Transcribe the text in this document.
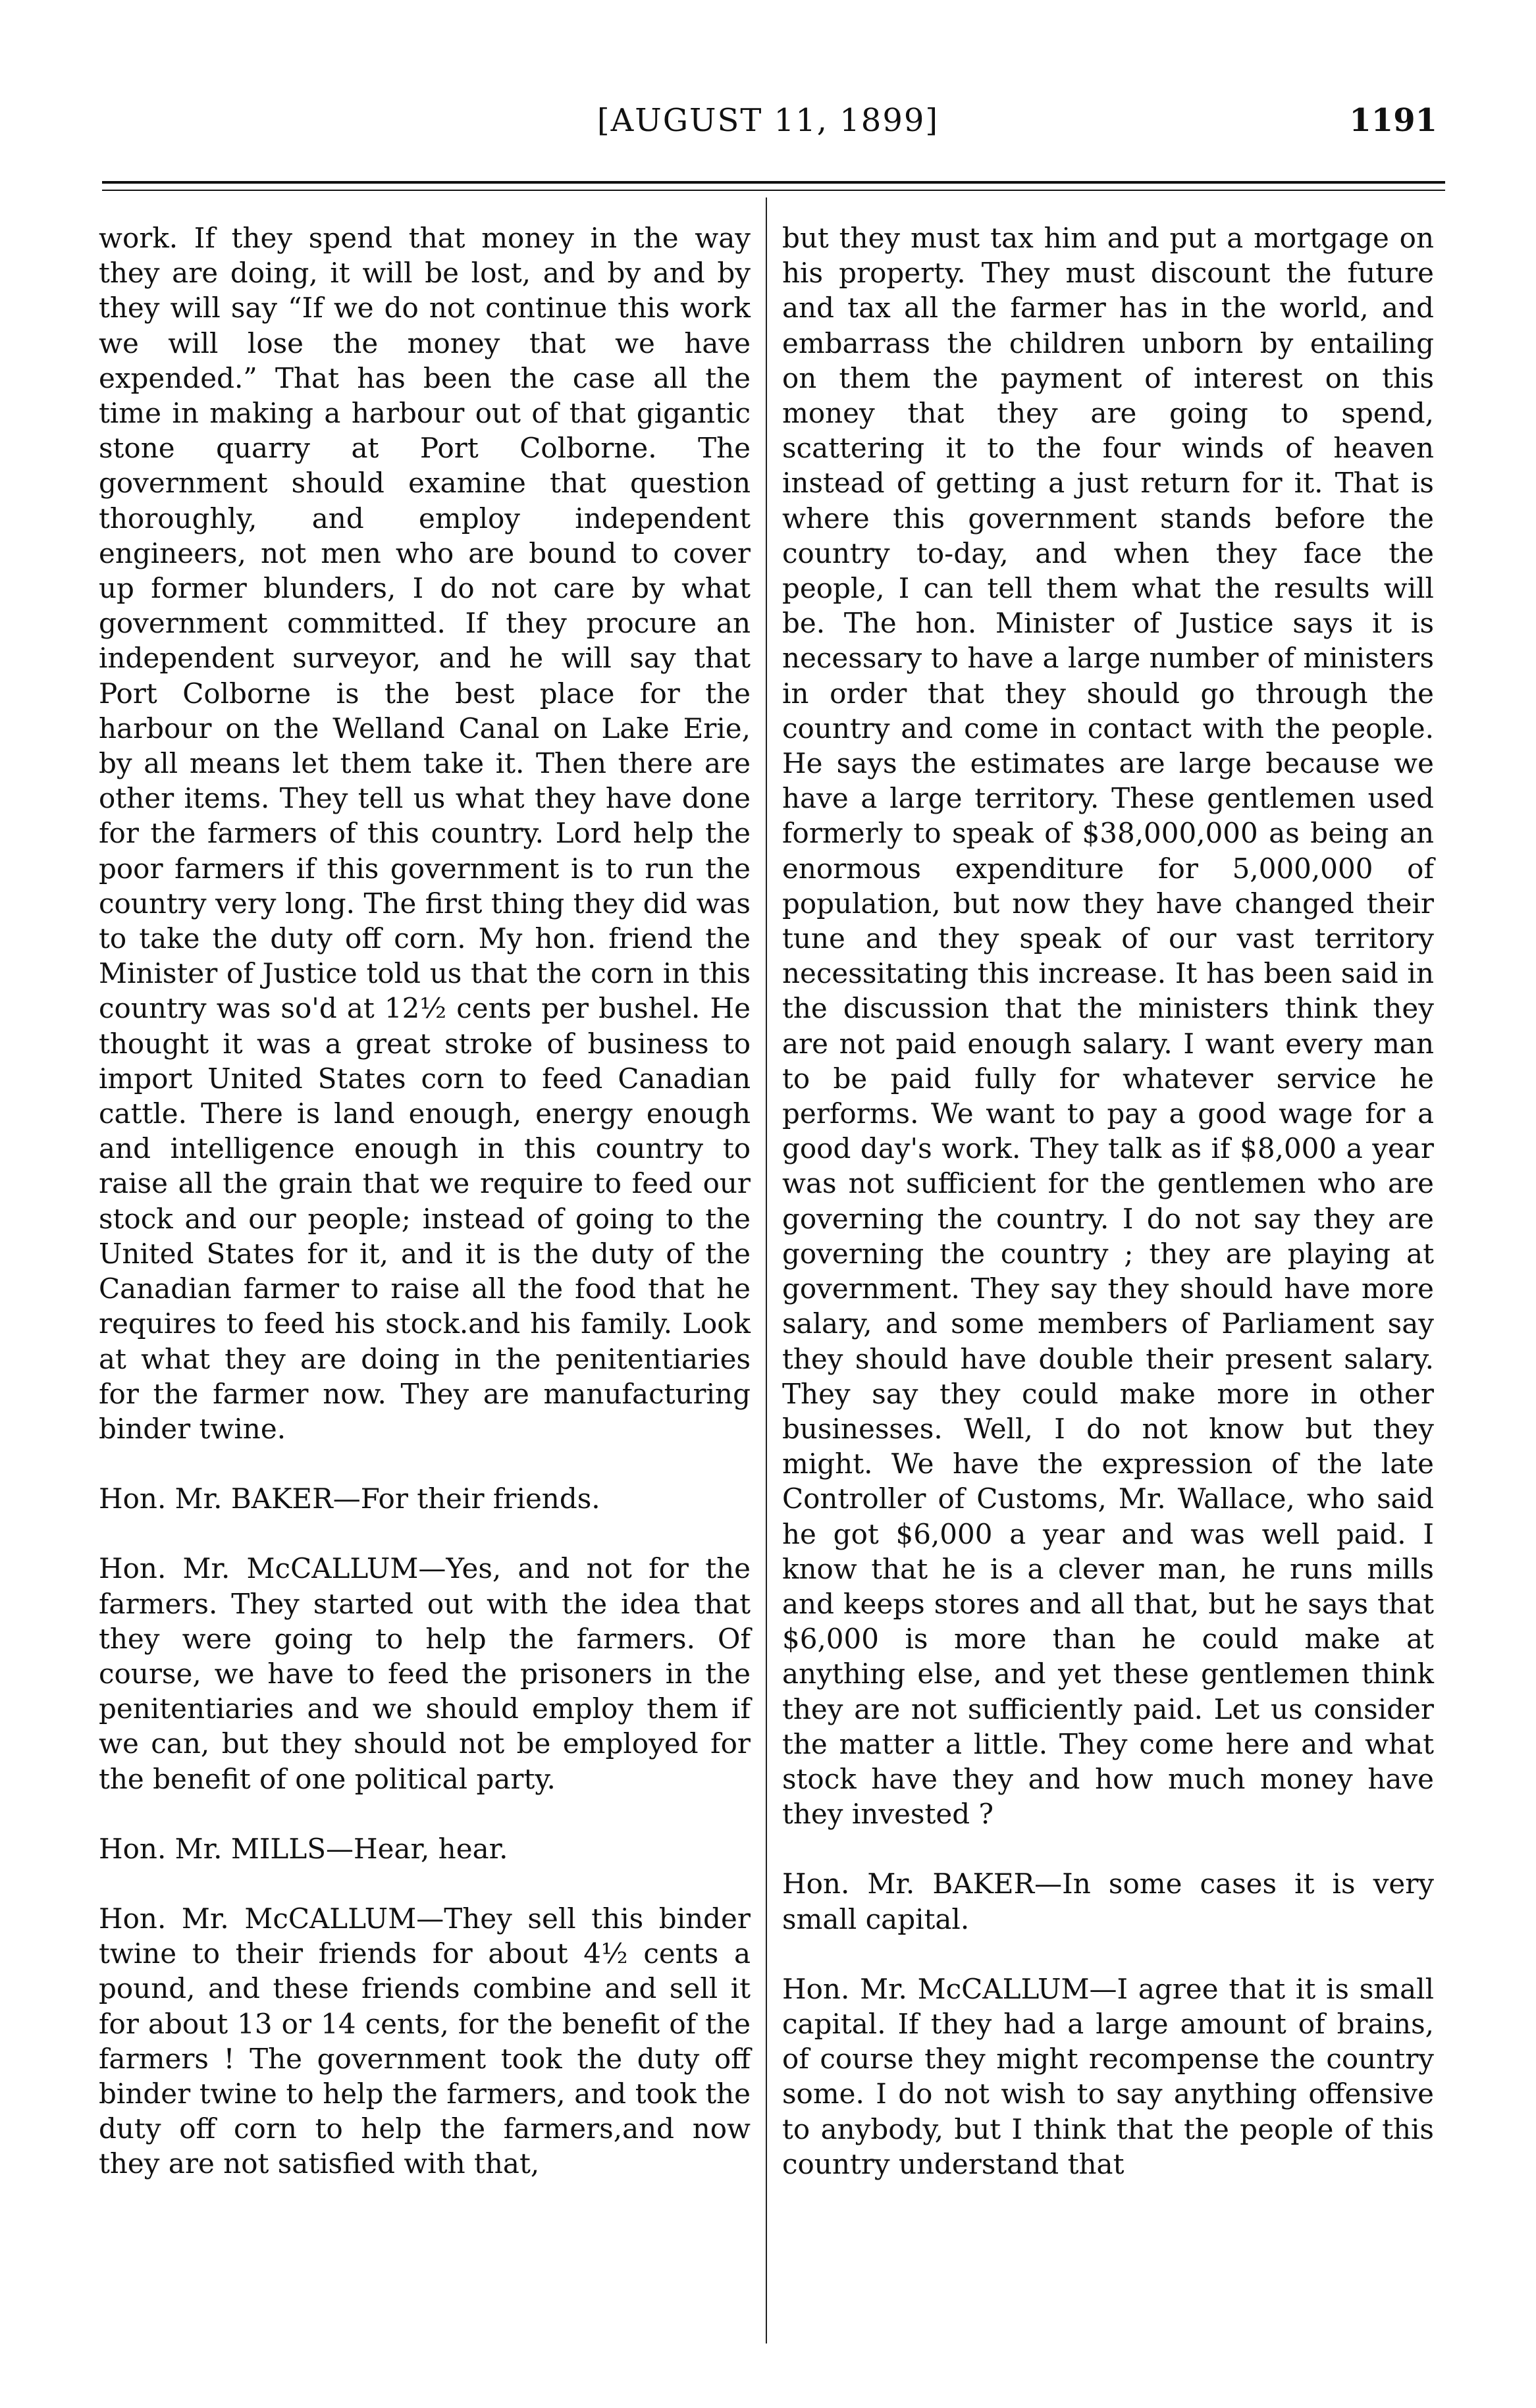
[AUGUST 11, 1899]	1191

work. If they spend that money in the way they are doing, it will be lost, and by and by they will say “If we do not continue this work we will lose the money that we have expended.” That has been the case all the time in making a harbour out of that gigantic stone quarry at Port Colborne. The government should examine that question thoroughly, and employ independent engineers, not men who are bound to cover up former blunders, I do not care by what government committed. If they procure an independent surveyor, and he will say that Port Colborne is the best place for the harbour on the Welland Canal on Lake Erie, by all means let them take it. Then there are other items. They tell us what they have done for the farmers of this country. Lord help the poor farmers if this government is to run the country very long. The first thing they did was to take the duty off corn. My hon. friend the Minister of Justice told us that the corn in this country was so'd at 12½ cents per bushel. He thought it was a great stroke of business to import United States corn to feed Canadian cattle. There is land enough, energy enough and intelligence enough in this country to raise all the grain that we require to feed our stock and our people; instead of going to the United States for it, and it is the duty of the Canadian farmer to raise all the food that he requires to feed his stock.and his family. Look at what they are doing in the penitentiaries for the farmer now. They are manufacturing binder twine.

Hon. Mr. BAKER—For their friends.

Hon. Mr. McCALLUM—Yes, and not for the farmers. They started out with the idea that they were going to help the farmers. Of course, we have to feed the prisoners in the penitentiaries and we should employ them if we can, but they should not be employed for the benefit of one political party.

Hon. Mr. MILLS—Hear, hear.

Hon. Mr. McCALLUM—They sell this binder twine to their friends for about 4½ cents a pound, and these friends combine and sell it for about 13 or 14 cents, for the benefit of the farmers ! The government took the duty off binder twine to help the farmers, and took the duty off corn to help the farmers,and now they are not satisfied with that,

but they must tax him and put a mortgage on his property. They must discount the future and tax all the farmer has in the world, and embarrass the children unborn by entailing on them the payment of interest on this money that they are going to spend, scattering it to the four winds of heaven instead of getting a just return for it. That is where this government stands before the country to-day, and when they face the people, I can tell them what the results will be. The hon. Minister of Justice says it is necessary to have a large number of ministers in order that they should go through the country and come in contact with the people. He says the estimates are large because we have a large territory. These gentlemen used formerly to speak of $38,000,000 as being an enormous expenditure for 5,000,000 of population, but now they have changed their tune and they speak of our vast territory necessitating this increase. It has been said in the discussion that the ministers think they are not paid enough salary. I want every man to be paid fully for whatever service he performs. We want to pay a good wage for a good day's work. They talk as if $8,000 a year was not sufficient for the gentlemen who are governing the country. I do not say they are governing the country ; they are playing at government. They say they should have more salary, and some members of Parliament say they should have double their present salary. They say they could make more in other businesses. Well, I do not know but they might. We have the expression of the late Controller of Customs, Mr. Wallace, who said he got $6,000 a year and was well paid. I know that he is a clever man, he runs mills and keeps stores and all that, but he says that $6,000 is more than he could make at anything else, and yet these gentlemen think they are not sufficiently paid. Let us consider the matter a little. They come here and what stock have they and how much money have they invested ?

Hon. Mr. BAKER—In some cases it is very small capital.

Hon. Mr. McCALLUM—I agree that it is small capital. If they had a large amount of brains, of course they might recompense the country some. I do not wish to say anything offensive to anybody, but I think that the people of this country understand that
